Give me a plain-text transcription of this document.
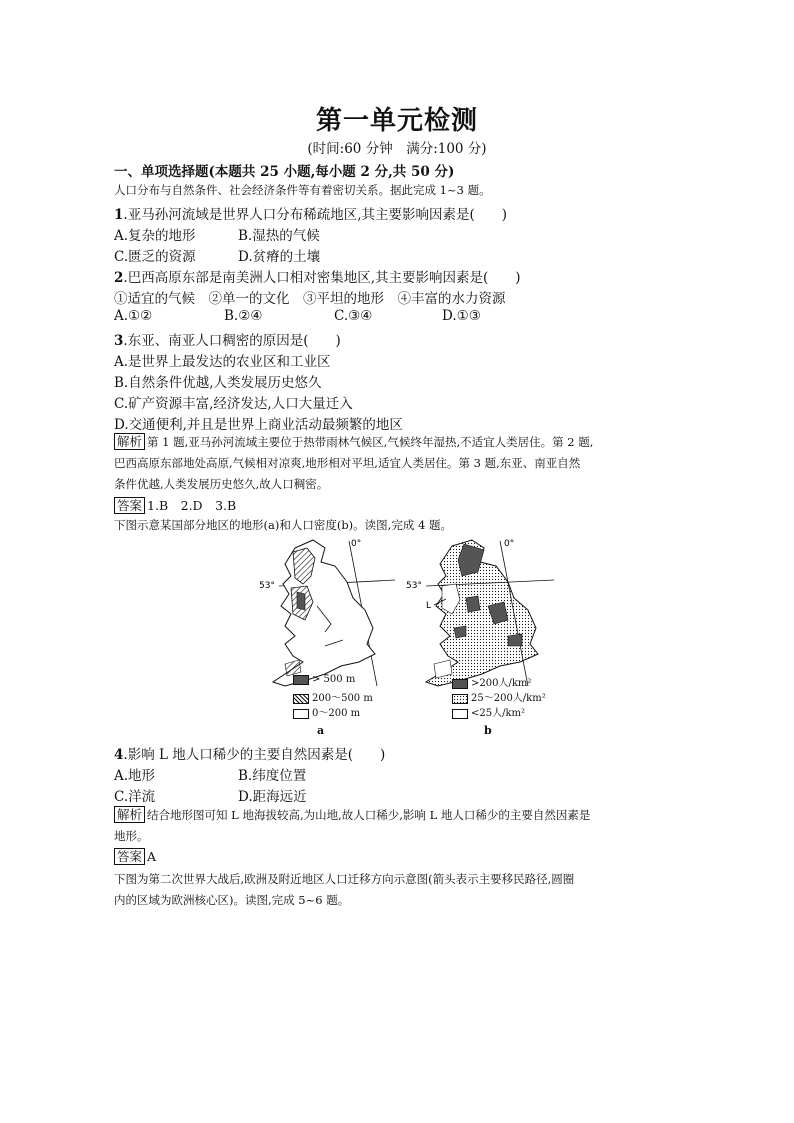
第一单元检测
(时间:60 分钟　满分:100 分)
一、单项选择题(本题共 25 小题,每小题 2 分,共 50 分)
人口分布与自然条件、社会经济条件等有着密切关系。据此完成 1~3 题。
1.亚马孙河流域是世界人口分布稀疏地区,其主要影响因素是(　　)
A.复杂的地形	B.湿热的气候
C.匮乏的资源	D.贫瘠的土壤
2.巴西高原东部是南美洲人口相对密集地区,其主要影响因素是(　　)
①适宜的气候　②单一的文化　③平坦的地形　④丰富的水力资源
A.①②	B.②④	C.③④	D.①③
3.东亚、南亚人口稠密的原因是(　　)
A.是世界上最发达的农业区和工业区
B.自然条件优越,人类发展历史悠久
C.矿产资源丰富,经济发达,人口大量迁入
D.交通便利,并且是世界上商业活动最频繁的地区
解析 第 1 题,亚马孙河流域主要位于热带雨林气候区,气候终年湿热,不适宜人类居住。第 2 题,
巴西高原东部地处高原,气候相对凉爽,地形相对平坦,适宜人类居住。第 3 题,东亚、南亚自然
条件优越,人类发展历史悠久,故人口稠密。
答案 1.B　2.D　3.B
下图示意某国部分地区的地形(a)和人口密度(b)。读图,完成 4 题。
53°
0°
> 500 m
200～500 m
0～200 m
a
53°
0°
L
>200人/km²
25～200人/km²
<25人/km²
b
4.影响 L 地人口稀少的主要自然因素是(　　)
A.地形	B.纬度位置
C.洋流	D.距海远近
解析 结合地形图可知 L 地海拔较高,为山地,故人口稀少,影响 L 地人口稀少的主要自然因素是
地形。
答案 A
下图为第二次世界大战后,欧洲及附近地区人口迁移方向示意图(箭头表示主要移民路径,圆圈
内的区域为欧洲核心区)。读图,完成 5~6 题。
